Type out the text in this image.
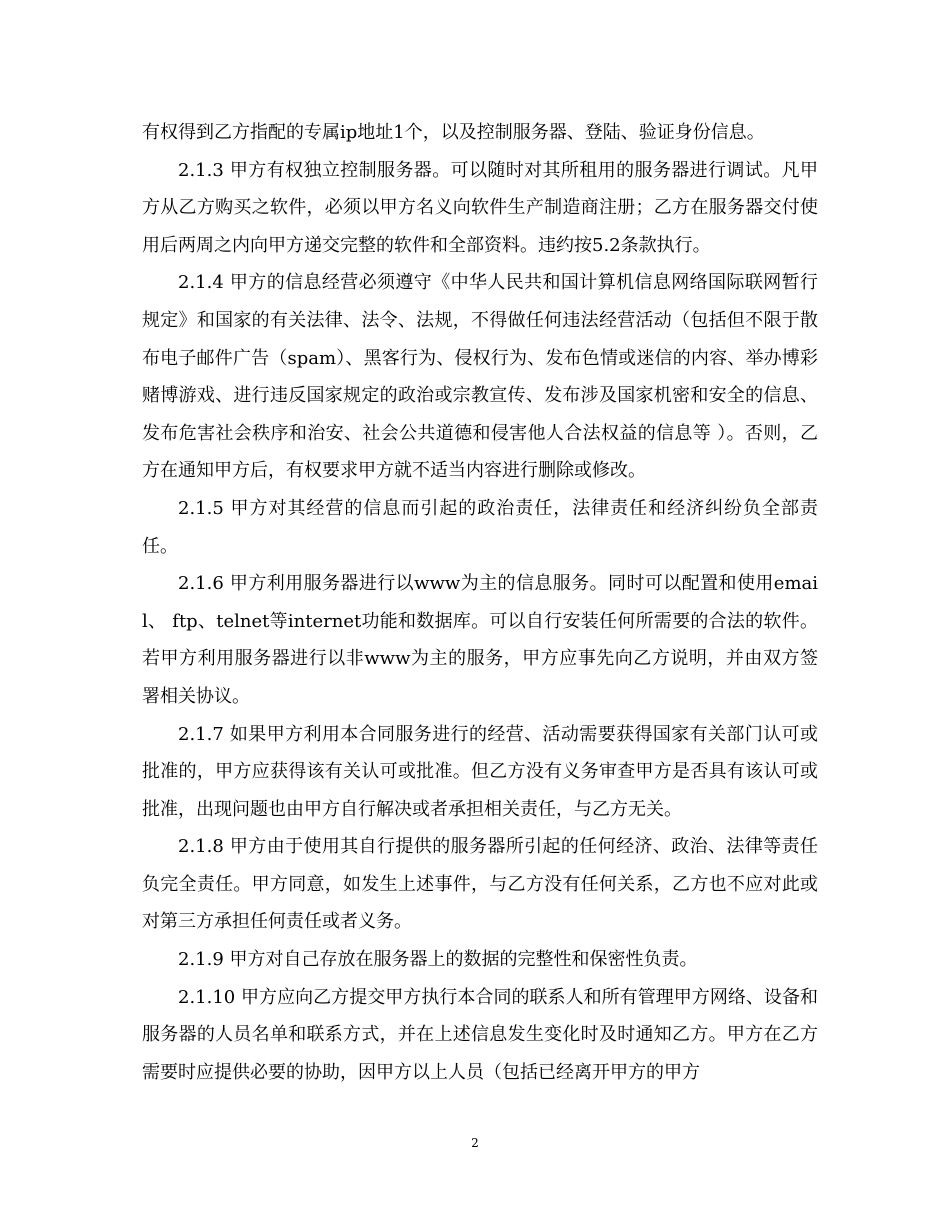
有权得到乙方指配的专属ip地址1个，以及控制服务器、登陆、验证身份信息。

2.1.3 甲方有权独立控制服务器。可以随时对其所租用的服务器进行调试。凡甲方从乙方购买之软件，必须以甲方名义向软件生产制造商注册；乙方在服务器交付使用后两周之内向甲方递交完整的软件和全部资料。违约按5.2条款执行。

2.1.4 甲方的信息经营必须遵守《中华人民共和国计算机信息网络国际联网暂行规定》和国家的有关法律、法令、法规，不得做任何违法经营活动（包括但不限于散布电子邮件广告（spam）、黑客行为、侵权行为、发布色情或迷信的内容、举办博彩赌博游戏、进行违反国家规定的政治或宗教宣传、发布涉及国家机密和安全的信息、发布危害社会秩序和治安、社会公共道德和侵害他人合法权益的信息等 ）。否则，乙方在通知甲方后，有权要求甲方就不适当内容进行删除或修改。

2.1.5 甲方对其经营的信息而引起的政治责任，法律责任和经济纠纷负全部责任。

2.1.6 甲方利用服务器进行以www为主的信息服务。同时可以配置和使用email、 ftp、telnet等internet功能和数据库。可以自行安装任何所需要的合法的软件。若甲方利用服务器进行以非www为主的服务，甲方应事先向乙方说明，并由双方签署相关协议。

2.1.7 如果甲方利用本合同服务进行的经营、活动需要获得国家有关部门认可或批准的，甲方应获得该有关认可或批准。但乙方没有义务审查甲方是否具有该认可或批准，出现问题也由甲方自行解决或者承担相关责任，与乙方无关。

2.1.8 甲方由于使用其自行提供的服务器所引起的任何经济、政治、法律等责任负完全责任。甲方同意，如发生上述事件，与乙方没有任何关系，乙方也不应对此或对第三方承担任何责任或者义务。

2.1.9 甲方对自己存放在服务器上的数据的完整性和保密性负责。

2.1.10 甲方应向乙方提交甲方执行本合同的联系人和所有管理甲方网络、设备和服务器的人员名单和联系方式，并在上述信息发生变化时及时通知乙方。甲方在乙方需要时应提供必要的协助，因甲方以上人员（包括已经离开甲方的甲方

2
